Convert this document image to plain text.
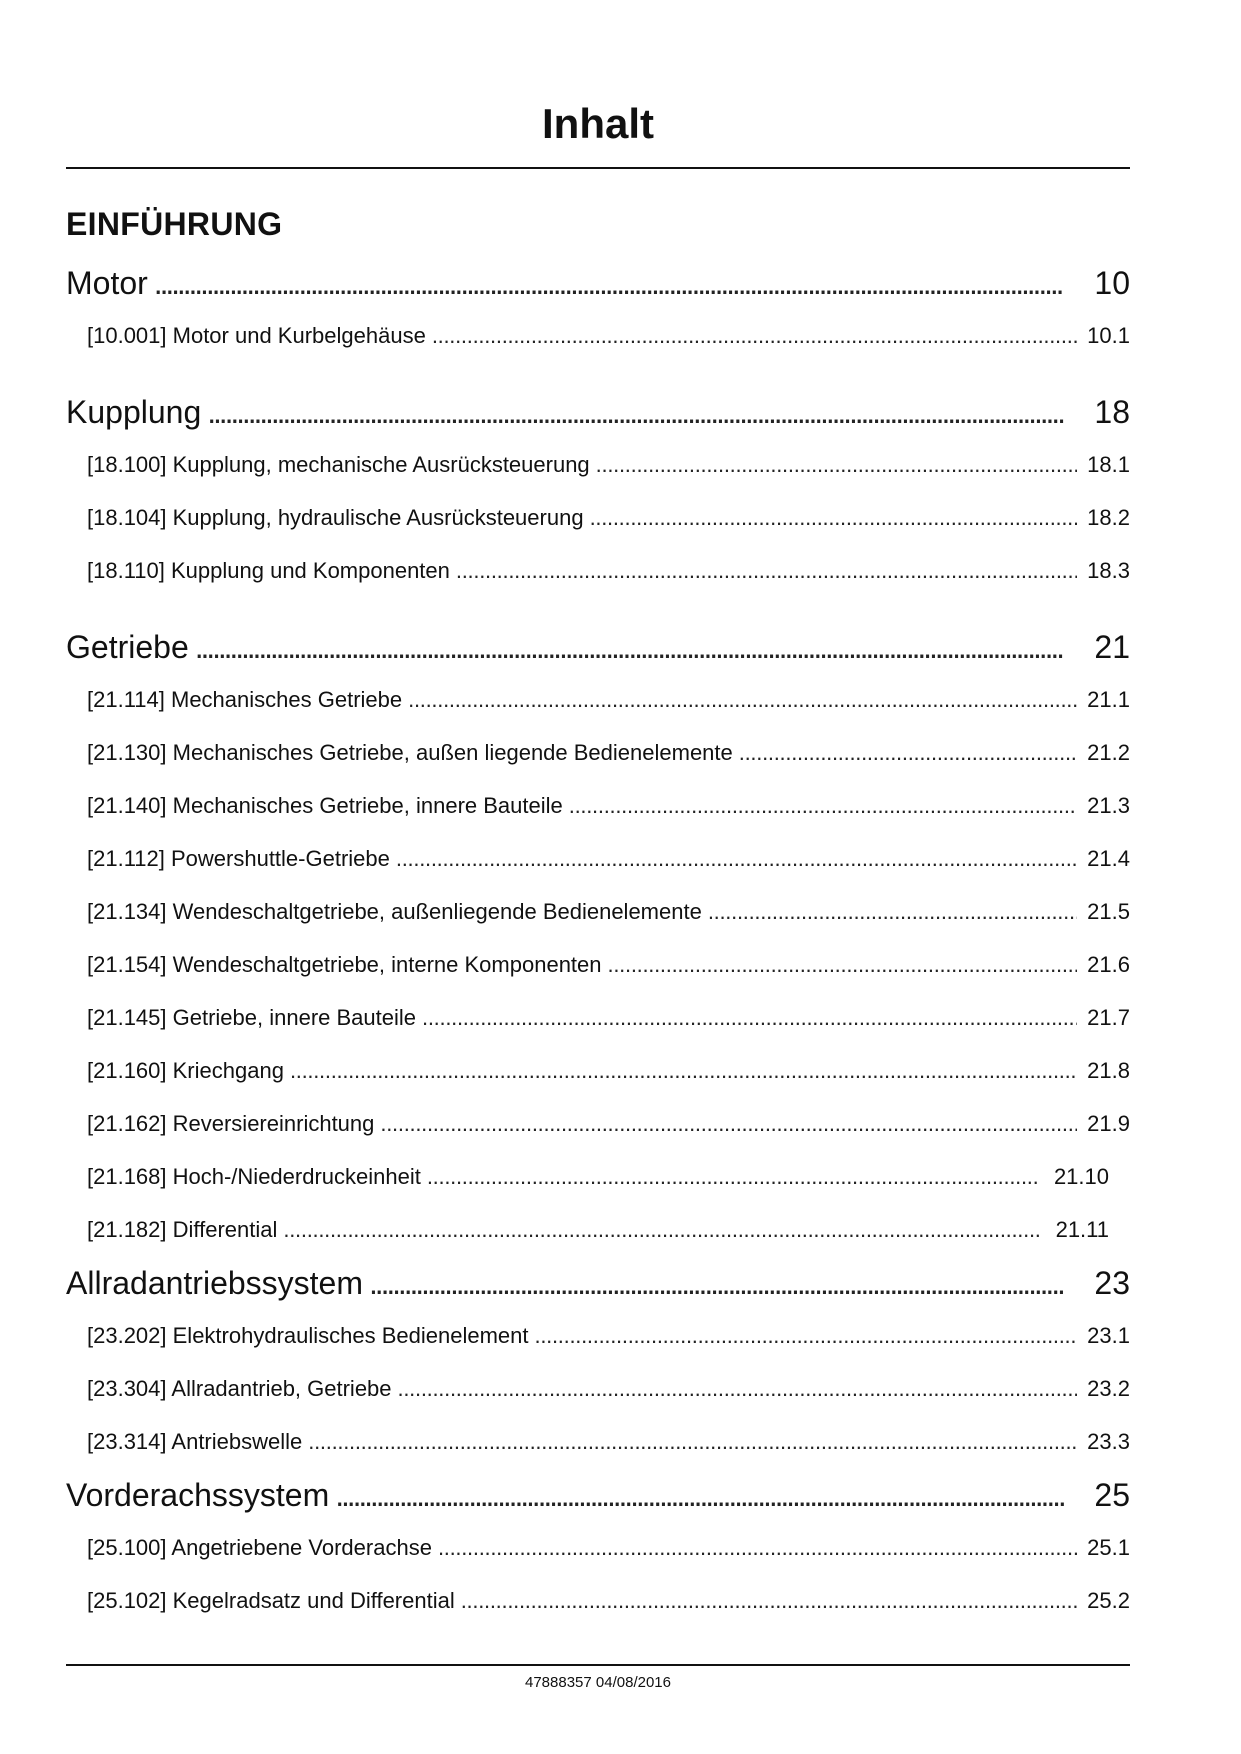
Inhalt
EINFÜHRUNG
Motor . . .	10
[10.001] Motor und Kurbelgehäuse . . .	10.1
Kupplung . . .	18
[18.100] Kupplung, mechanische Ausrücksteuerung . . .	18.1
[18.104] Kupplung, hydraulische Ausrücksteuerung . . .	18.2
[18.110] Kupplung und Komponenten . . .	18.3
Getriebe . . .	21
[21.114] Mechanisches Getriebe . . .	21.1
[21.130] Mechanisches Getriebe, außen liegende Bedienelemente . . .	21.2
[21.140] Mechanisches Getriebe, innere Bauteile . . .	21.3
[21.112] Powershuttle-Getriebe . . .	21.4
[21.134] Wendeschaltgetriebe, außenliegende Bedienelemente . . .	21.5
[21.154] Wendeschaltgetriebe, interne Komponenten . . .	21.6
[21.145] Getriebe, innere Bauteile . . .	21.7
[21.160] Kriechgang . . .	21.8
[21.162] Reversiereinrichtung . . .	21.9
[21.168] Hoch-/Niederdruckeinheit . . .	21.10
[21.182] Differential . . .	21.11
Allradantriebssystem . . .	23
[23.202] Elektrohydraulisches Bedienelement . . .	23.1
[23.304] Allradantrieb, Getriebe . . .	23.2
[23.314] Antriebswelle . . .	23.3
Vorderachssystem . . .	25
[25.100] Angetriebene Vorderachse . . .	25.1
[25.102] Kegelradsatz und Differential . . .	25.2
47888357 04/08/2016
